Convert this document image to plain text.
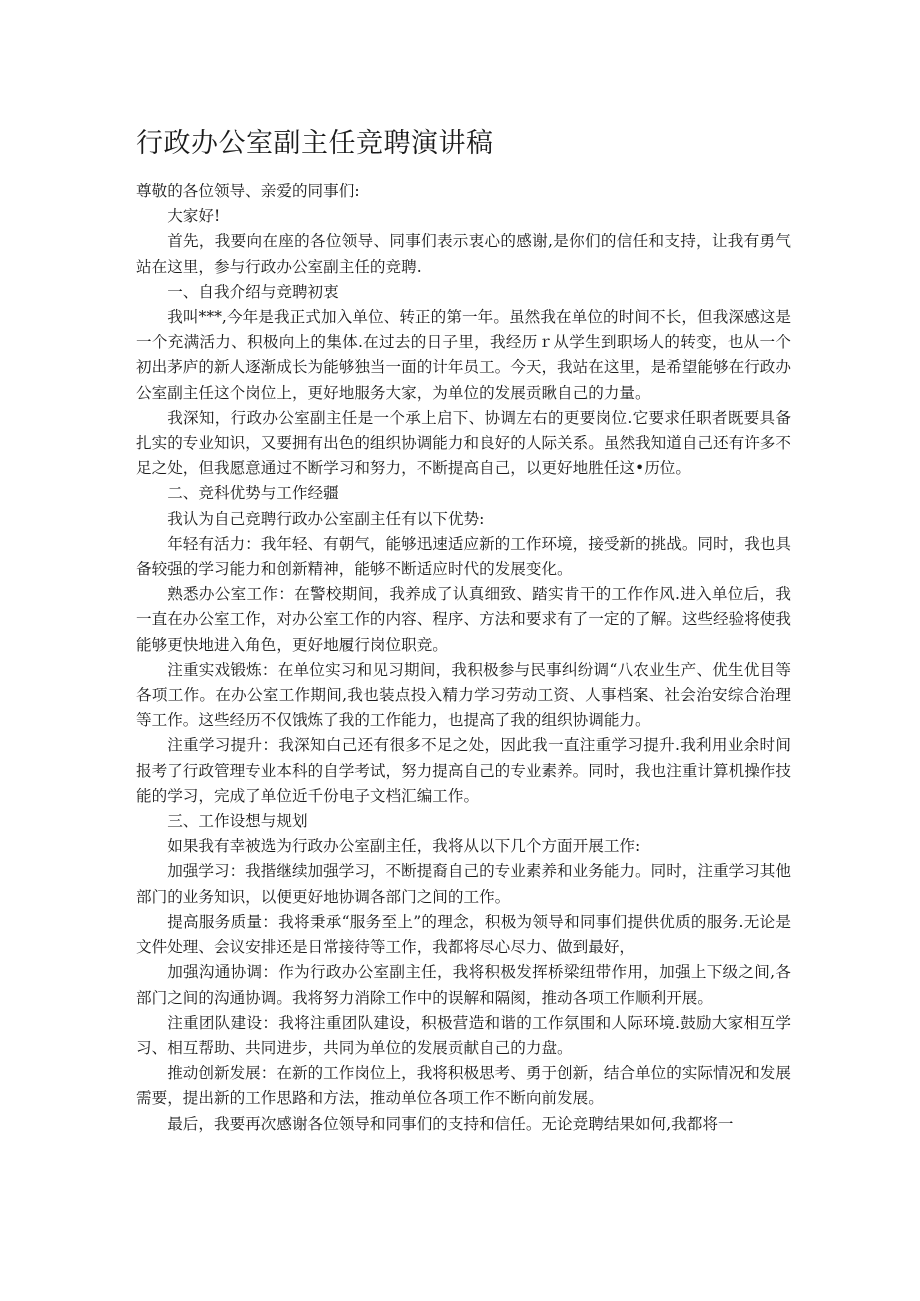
行政办公室副主任竞聘演讲稿

尊敬的各位领导、亲爱的同事们:

大家好!

首先，我要向在座的各位领导、同事们表示衷心的感谢,是你们的信任和支持，让我有勇气站在这里，参与行政办公室副主任的竞聘.

一、自我介绍与竞聘初衷

我叫***,今年是我正式加入单位、转正的第一年。虽然我在单位的时间不长，但我深感这是一个充满活力、积极向上的集体.在过去的日子里，我经历ｒ从学生到职场人的转变，也从一个初出茅庐的新人逐渐成长为能够独当一面的计年员工。今天，我站在这里，是希望能够在行政办公室副主任这个岗位上，更好地服务大家，为单位的发展贡瞅自己的力量。

我深知，行政办公室副主任是一个承上启下、协调左右的更要岗位.它要求任职者既要具备扎实的专业知识，又要拥有出色的组织协调能力和良好的人际关系。虽然我知道自己还有许多不足之处，但我愿意通过不断学习和努力，不断提高自己，以更好地胜任这•历位。

二、竞科优势与工作经疆

我认为自己竞聘行政办公室副主任有以下优势:

年轻有活力：我年轻、有朝气，能够迅速适应新的工作环境，接受新的挑战。同时，我也具备较强的学习能力和创新精神，能够不断适应时代的发展变化。

熟悉办公室工作：在警校期间，我养成了认真细致、踏实肯干的工作作风.进入单位后，我一直在办公室工作，对办公室工作的内容、程序、方法和要求有了一定的了解。这些经验将使我能够更快地进入角色，更好地履行岗位职竞。

注重实戏锻炼：在单位实习和见习期间，我积极参与民事纠纷调“八农业生产、优生优目等各项工作。在办公室工作期间,我也装点投入精力学习劳动工资、人事档案、社会治安综合治理等工作。这些经历不仅饿炼了我的工作能力，也提高了我的组织协调能力。

注重学习提升：我深知白己还有很多不足之处，因此我一直注重学习提升.我利用业余时间报考了行政管理专业本科的自学考试，努力提高自己的专业素养。同时，我也注重计算机操作技能的学习，完成了单位近千份电子文档汇编工作。

三、工作设想与规划

如果我有幸被选为行政办公室副主任，我将从以下几个方面开展工作:

加强学习：我揩继续加强学习，不断提裔自己的专业素养和业务能力。同时，注重学习其他部门的业务知识，以便更好地协调各部门之间的工作。

提高服务质量：我将秉承“服务至上”的理念，积极为领导和同事们提供优质的服务.无论是文件处理、会议安排还是日常接待等工作，我都将尽心尽力、做到最好，

加强沟通协调：作为行政办公室副主任，我将积极发挥桥梁纽带作用，加强上下级之间,各部门之间的沟通协调。我将努力消除工作中的误解和隔阂，推动各项工作顺利开展。

注重团队建设：我将注重团队建设，积极营造和谐的工作氛围和人际环境.鼓励大家相互学习、相互帮助、共同进步，共同为单位的发展贡献自己的力盘。

推动创新发展：在新的工作岗位上，我将积极思考、勇于创新，结合单位的实际情况和发展需要，提出新的工作思路和方法，推动单位各项工作不断向前发展。

最后，我要再次感谢各位领导和同事们的支持和信任。无论竞聘结果如何,我都将一
